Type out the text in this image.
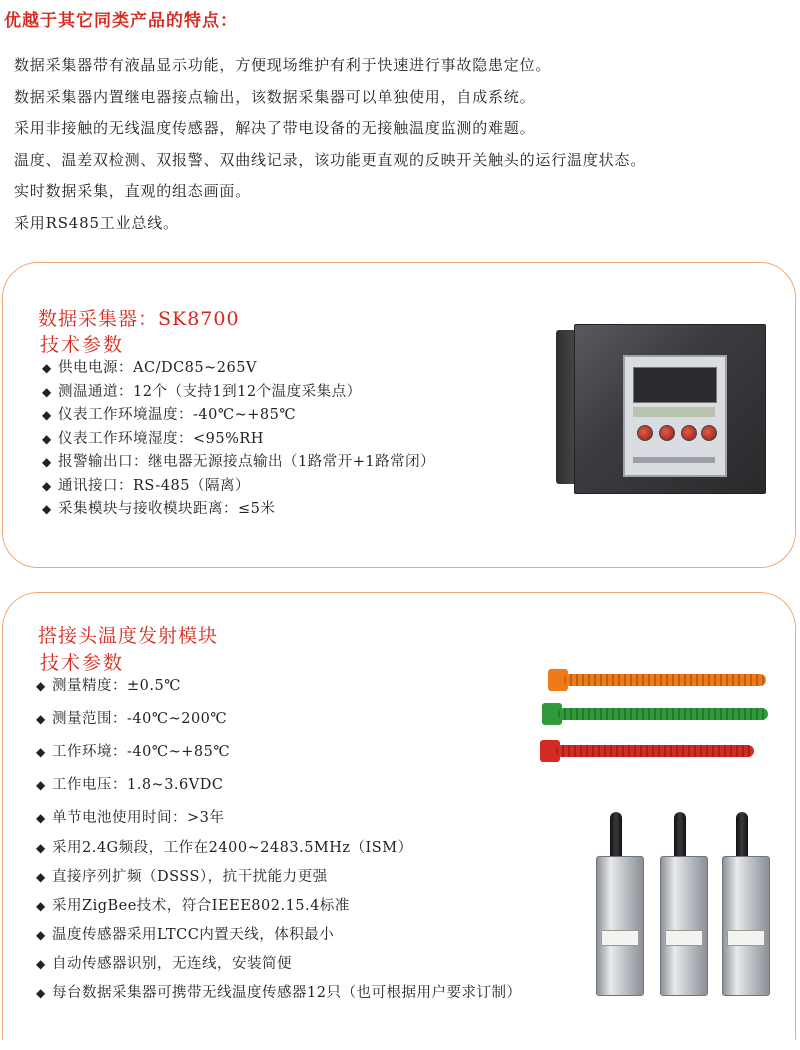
优越于其它同类产品的特点：
数据采集器带有液晶显示功能，方便现场维护有利于快速进行事故隐患定位。
数据采集器内置继电器接点输出，该数据采集器可以单独使用，自成系统。
采用非接触的无线温度传感器，解决了带电设备的无接触温度监测的难题。
温度、温差双检测、双报警、双曲线记录，该功能更直观的反映开关触头的运行温度状态。
实时数据采集，直观的组态画面。
采用RS485工业总线。
数据采集器：SK8700
技术参数
◆ 供电电源：AC/DC85~265V
◆ 测温通道：12个（支持1到12个温度采集点）
◆ 仪表工作环境温度：-40℃~+85℃
◆ 仪表工作环境湿度：<95%RH
◆ 报警输出口：继电器无源接点输出（1路常开+1路常闭）
◆ 通讯接口：RS-485（隔离）
◆ 采集模块与接收模块距离：≤5米
搭接头温度发射模块
技术参数
◆ 测量精度：±0.5℃
◆ 测量范围：-40℃~200℃
◆ 工作环境：-40℃~+85℃
◆ 工作电压：1.8~3.6VDC
◆ 单节电池使用时间：>3年
◆ 采用2.4G频段，工作在2400~2483.5MHz（ISM）
◆ 直接序列扩频（DSSS），抗干扰能力更强
◆ 采用ZigBee技术，符合IEEE802.15.4标准
◆ 温度传感器采用LTCC内置天线，体积最小
◆ 自动传感器识别，无连线，安装简便
◆ 每台数据采集器可携带无线温度传感器12只（也可根据用户要求订制）
